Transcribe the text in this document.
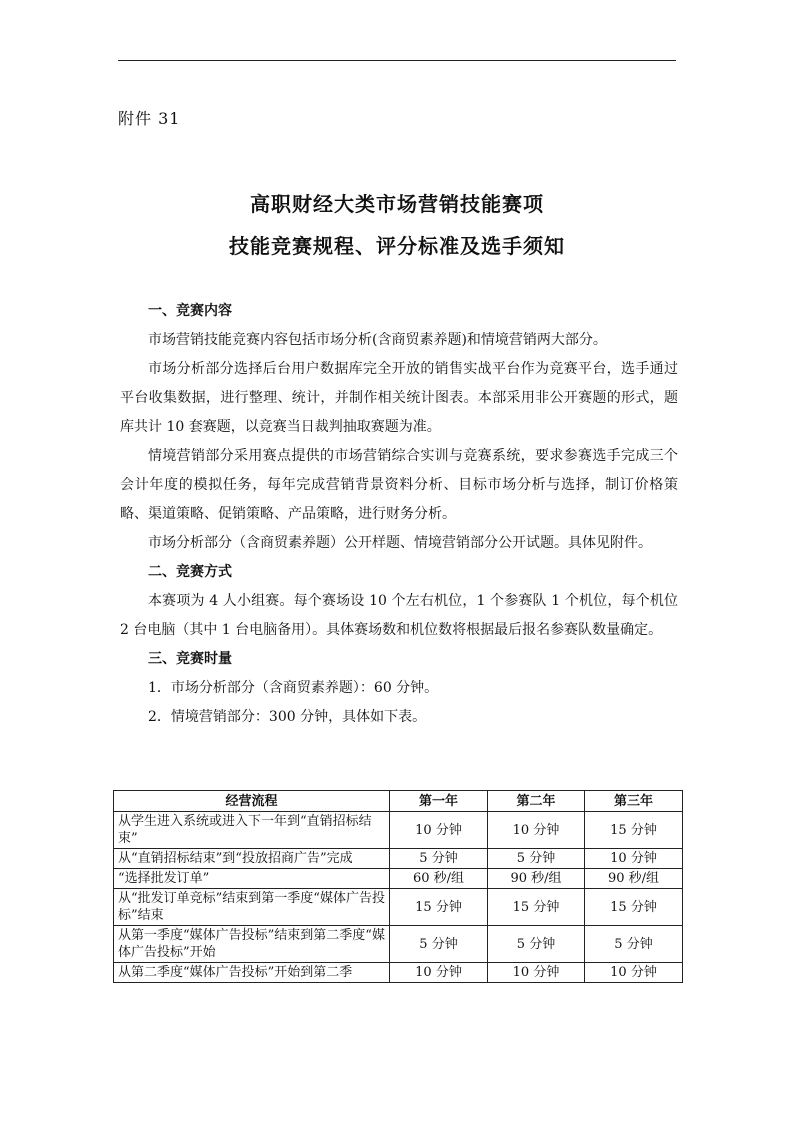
附件 31
高职财经大类市场营销技能赛项
技能竞赛规程、评分标准及选手须知
一、竞赛内容

市场营销技能竞赛内容包括市场分析(含商贸素养题)和情境营销两大部分。

市场分析部分选择后台用户数据库完全开放的销售实战平台作为竞赛平台，选手通过平台收集数据，进行整理、统计，并制作相关统计图表。本部采用非公开赛题的形式，题库共计 10 套赛题，以竞赛当日裁判抽取赛题为准。

情境营销部分采用赛点提供的市场营销综合实训与竞赛系统，要求参赛选手完成三个会计年度的模拟任务，每年完成营销背景资料分析、目标市场分析与选择，制订价格策略、渠道策略、促销策略、产品策略，进行财务分析。

市场分析部分（含商贸素养题）公开样题、情境营销部分公开试题。具体见附件。

二、竞赛方式

本赛项为 4 人小组赛。每个赛场设 10 个左右机位，1 个参赛队 1 个机位，每个机位 2 台电脑（其中 1 台电脑备用）。具体赛场数和机位数将根据最后报名参赛队数量确定。

三、竞赛时量

1．市场分析部分（含商贸素养题）：60 分钟。

2．情境营销部分：300 分钟，具体如下表。

经营流程	第一年	第二年	第三年
从学生进入系统或进入下一年到“直销招标结束”	10 分钟	10 分钟	15 分钟
从“直销招标结束”到“投放招商广告”完成	5 分钟	5 分钟	10 分钟
“选择批发订单”	60 秒/组	90 秒/组	90 秒/组
从“批发订单竞标”结束到第一季度“媒体广告投标”结束	15 分钟	15 分钟	15 分钟
从第一季度“媒体广告投标”结束到第二季度“媒体广告投标”开始	5 分钟	5 分钟	5 分钟
从第二季度“媒体广告投标”开始到第二季	10 分钟	10 分钟	10 分钟
